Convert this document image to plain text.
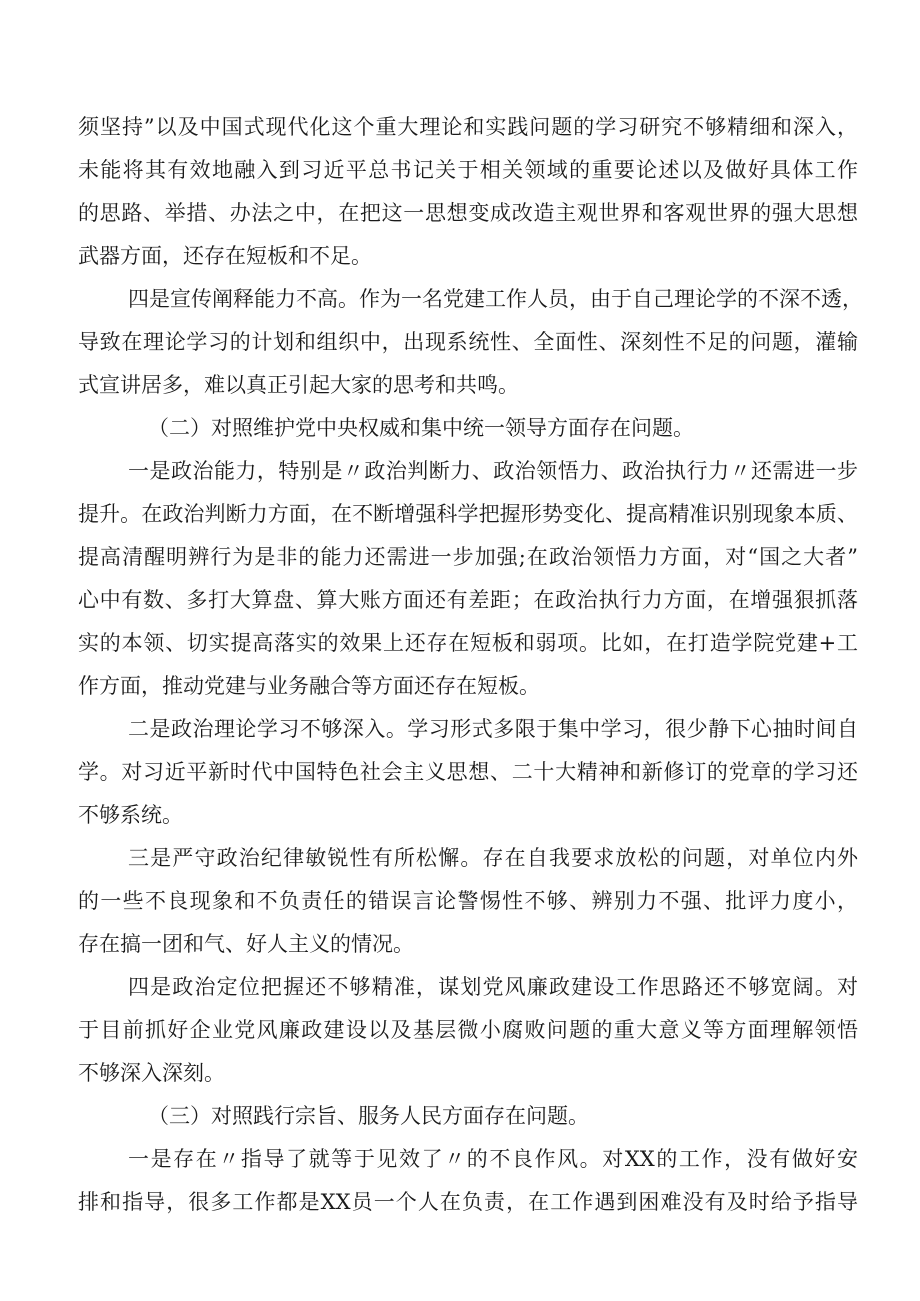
须坚持”以及中国式现代化这个重大理论和实践问题的学习研究不够精细和深入，
未能将其有效地融入到习近平总书记关于相关领域的重要论述以及做好具体工作
的思路、举措、办法之中，在把这一思想变成改造主观世界和客观世界的强大思想
武器方面，还存在短板和不足。
四是宣传阐释能力不高。作为一名党建工作人员，由于自己理论学的不深不透，
导致在理论学习的计划和组织中，出现系统性、全面性、深刻性不足的问题，灌输
式宣讲居多，难以真正引起大家的思考和共鸣。
（二）对照维护党中央权威和集中统一领导方面存在问题。
一是政治能力，特别是〃政治判断力、政治领悟力、政治执行力〃还需进一步
提升。在政治判断力方面，在不断增强科学把握形势变化、提高精准识别现象本质、
提高清醒明辨行为是非的能力还需进一步加强;在政治领悟力方面，对“国之大者”
心中有数、多打大算盘、算大账方面还有差距；在政治执行力方面，在增强狠抓落
实的本领、切实提高落实的效果上还存在短板和弱项。比如，在打造学院党建+工
作方面，推动党建与业务融合等方面还存在短板。
二是政治理论学习不够深入。学习形式多限于集中学习，很少静下心抽时间自
学。对习近平新时代中国特色社会主义思想、二十大精神和新修订的党章的学习还
不够系统。
三是严守政治纪律敏锐性有所松懈。存在自我要求放松的问题，对单位内外
的一些不良现象和不负责任的错误言论警惕性不够、辨别力不强、批评力度小，
存在搞一团和气、好人主义的情况。
四是政治定位把握还不够精准，谋划党风廉政建设工作思路还不够宽阔。对
于目前抓好企业党风廉政建设以及基层微小腐败问题的重大意义等方面理解领悟
不够深入深刻。
（三）对照践行宗旨、服务人民方面存在问题。
一是存在〃指导了就等于见效了〃的不良作风。对XX的工作，没有做好安
排和指导，很多工作都是XX员一个人在负责，在工作遇到困难没有及时给予指导
